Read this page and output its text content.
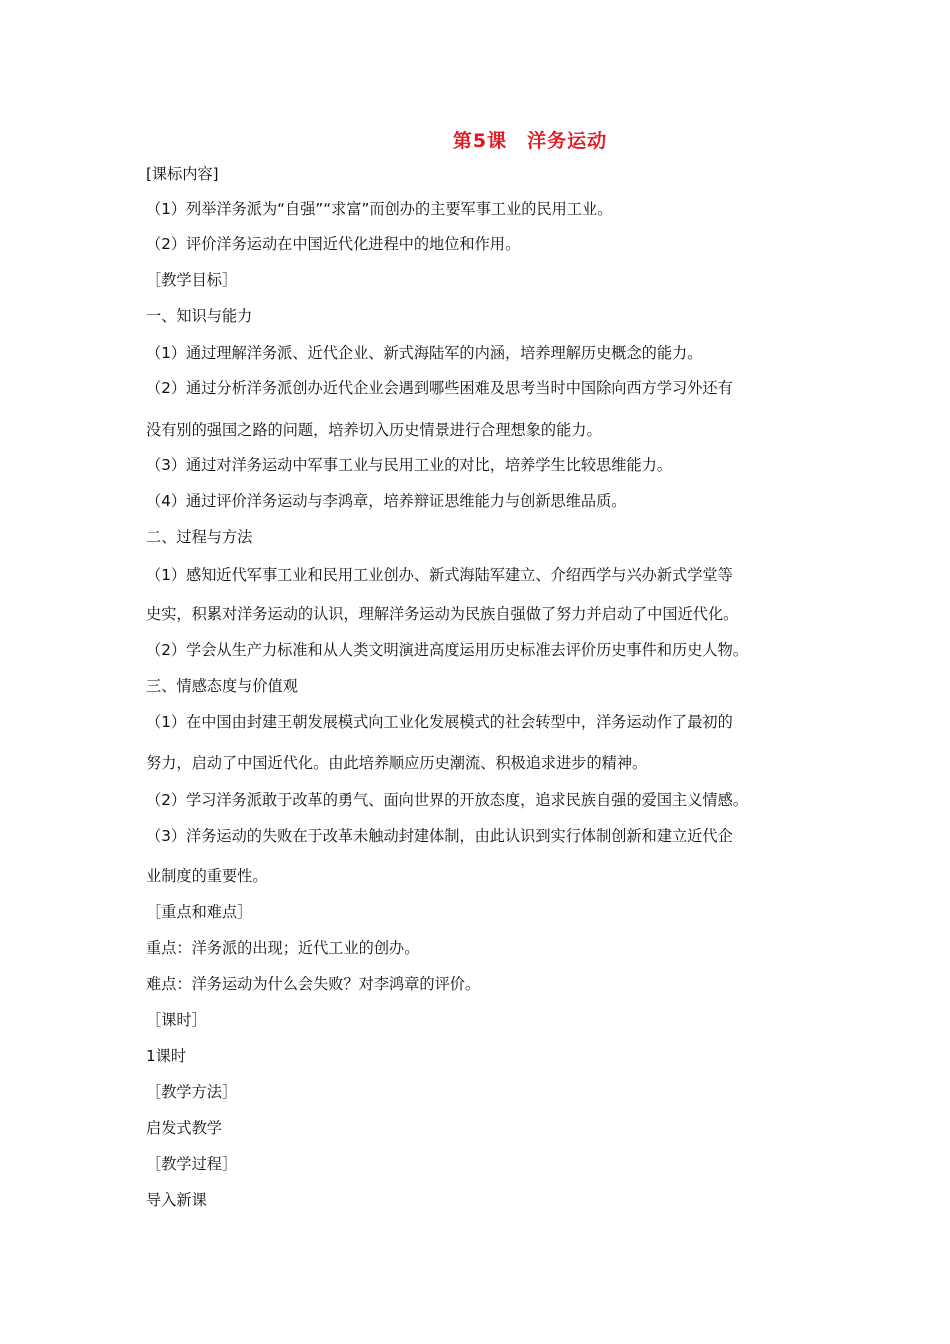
第5课　洋务运动
[课标内容]
（1）列举洋务派为“自强”“求富”而创办的主要军事工业的民用工业。
（2）评价洋务运动在中国近代化进程中的地位和作用。
［教学目标］
一、知识与能力
（1）通过理解洋务派、近代企业、新式海陆军的内涵，培养理解历史概念的能力。
（2）通过分析洋务派创办近代企业会遇到哪些困难及思考当时中国除向西方学习外还有
没有别的强国之路的问题，培养切入历史情景进行合理想象的能力。
（3）通过对洋务运动中军事工业与民用工业的对比，培养学生比较思维能力。
（4）通过评价洋务运动与李鸿章，培养辩证思维能力与创新思维品质。
二、过程与方法
（1）感知近代军事工业和民用工业创办、新式海陆军建立、介绍西学与兴办新式学堂等
史实，积累对洋务运动的认识，理解洋务运动为民族自强做了努力并启动了中国近代化。
（2）学会从生产力标准和从人类文明演进高度运用历史标准去评价历史事件和历史人物。
三、情感态度与价值观
（1）在中国由封建王朝发展模式向工业化发展模式的社会转型中，洋务运动作了最初的
努力，启动了中国近代化。由此培养顺应历史潮流、积极追求进步的精神。
（2）学习洋务派敢于改革的勇气、面向世界的开放态度，追求民族自强的爱国主义情感。
（3）洋务运动的失败在于改革未触动封建体制，由此认识到实行体制创新和建立近代企
业制度的重要性。
［重点和难点］
重点：洋务派的出现；近代工业的创办。
难点：洋务运动为什么会失败？对李鸿章的评价。
［课时］
1课时
［教学方法］
启发式教学
［教学过程］
导入新课
